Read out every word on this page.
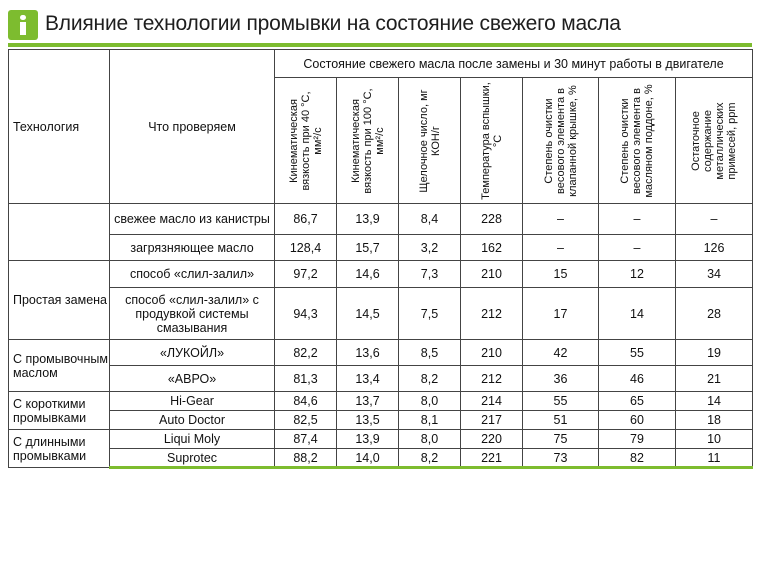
Влияние технологии промывки на состояние свежего масла
Технология	Что проверяем	Состояние свежего масла после замены и 30 минут работы в двигателе						

		Кинематическая вязкость при 40 °С, мм²/с	Кинематическая вязкость при 100 °С, мм²/с	Щелочное число, мг КОН/г	Температура вспышки, °С	Степень очистки весового элемента в клапанной крышке, %	Степень очистки весового элемента в масляном поддоне, %	Остаточное содержание металлических примесей, ppm

	свежее масло из канистры	86,7	13,9	8,4	228	–	–	–
	загрязняющее масло	128,4	15,7	3,2	162	–	–	126
Простая замена	способ «слил-залил»	97,2	14,6	7,3	210	15	12	34
	способ «слил-залил» с продувкой системы смазывания	94,3	14,5	7,5	212	17	14	28
С промывочным маслом	«ЛУКОЙЛ»	82,2	13,6	8,5	210	42	55	19
	«АВРО»	81,3	13,4	8,2	212	36	46	21
С короткими промывками	Hi-Gear	84,6	13,7	8,0	214	55	65	14
	Auto Doctor	82,5	13,5	8,1	217	51	60	18
С длинными промывками	Liqui Moly	87,4	13,9	8,0	220	75	79	10
	Suprotec	88,2	14,0	8,2	221	73	82	11
